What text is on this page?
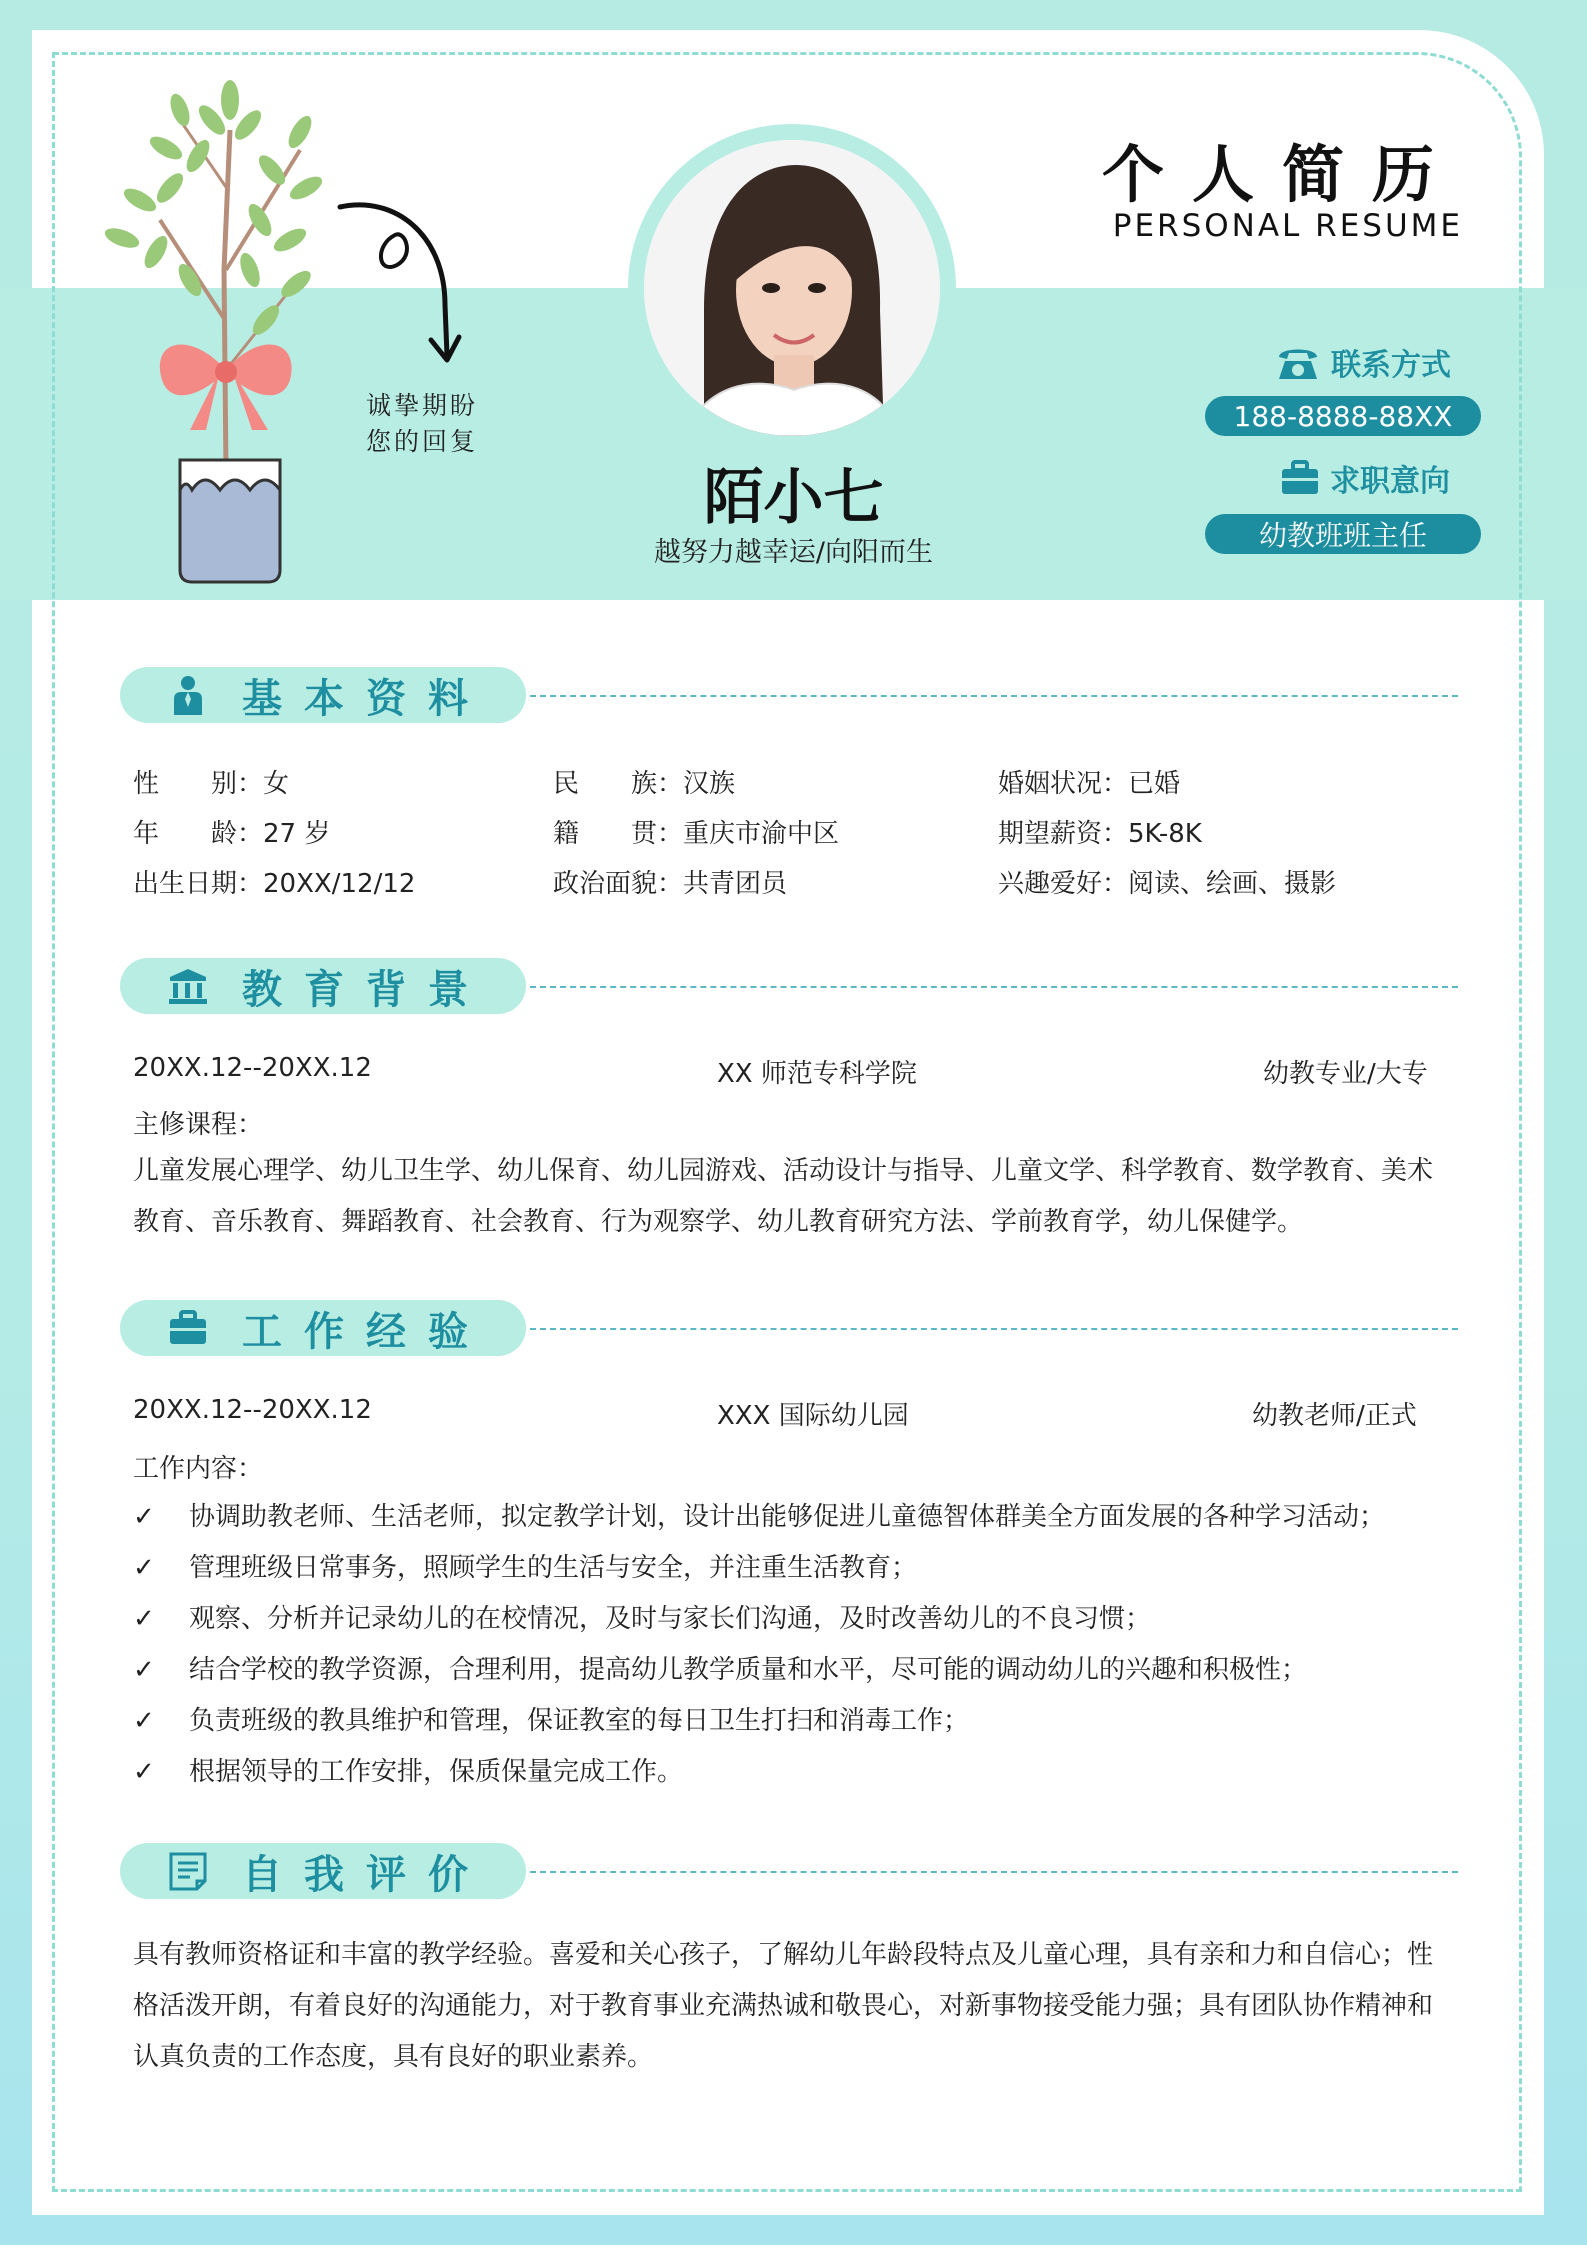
个人简历
PERSONAL RESUME
诚挚期盼
您的回复
陌小七
越努力越幸运/向阳而生
联系方式
188-8888-88XX
求职意向
幼教班班主任
基本资料
性　　别：女	民　　族：汉族	婚姻状况：已婚
年　　龄：27 岁	籍　　贯：重庆市渝中区	期望薪资：5K-8K
出生日期：20XX/12/12	政治面貌：共青团员	兴趣爱好：阅读、绘画、摄影
教育背景
20XX.12--20XX.12	XX 师范专科学院	幼教专业/大专
主修课程：
儿童发展心理学、幼儿卫生学、幼儿保育、幼儿园游戏、活动设计与指导、儿童文学、科学教育、数学教育、美术教育、音乐教育、舞蹈教育、社会教育、行为观察学、幼儿教育研究方法、学前教育学，幼儿保健学。
工作经验
20XX.12--20XX.12	XXX 国际幼儿园	幼教老师/正式
工作内容：
✓ 协调助教老师、生活老师，拟定教学计划，设计出能够促进儿童德智体群美全方面发展的各种学习活动；
✓ 管理班级日常事务，照顾学生的生活与安全，并注重生活教育；
✓ 观察、分析并记录幼儿的在校情况，及时与家长们沟通，及时改善幼儿的不良习惯；
✓ 结合学校的教学资源，合理利用，提高幼儿教学质量和水平，尽可能的调动幼儿的兴趣和积极性；
✓ 负责班级的教具维护和管理，保证教室的每日卫生打扫和消毒工作；
✓ 根据领导的工作安排，保质保量完成工作。
自我评价
具有教师资格证和丰富的教学经验。喜爱和关心孩子，了解幼儿年龄段特点及儿童心理，具有亲和力和自信心；性格活泼开朗，有着良好的沟通能力，对于教育事业充满热诚和敬畏心，对新事物接受能力强；具有团队协作精神和认真负责的工作态度，具有良好的职业素养。
